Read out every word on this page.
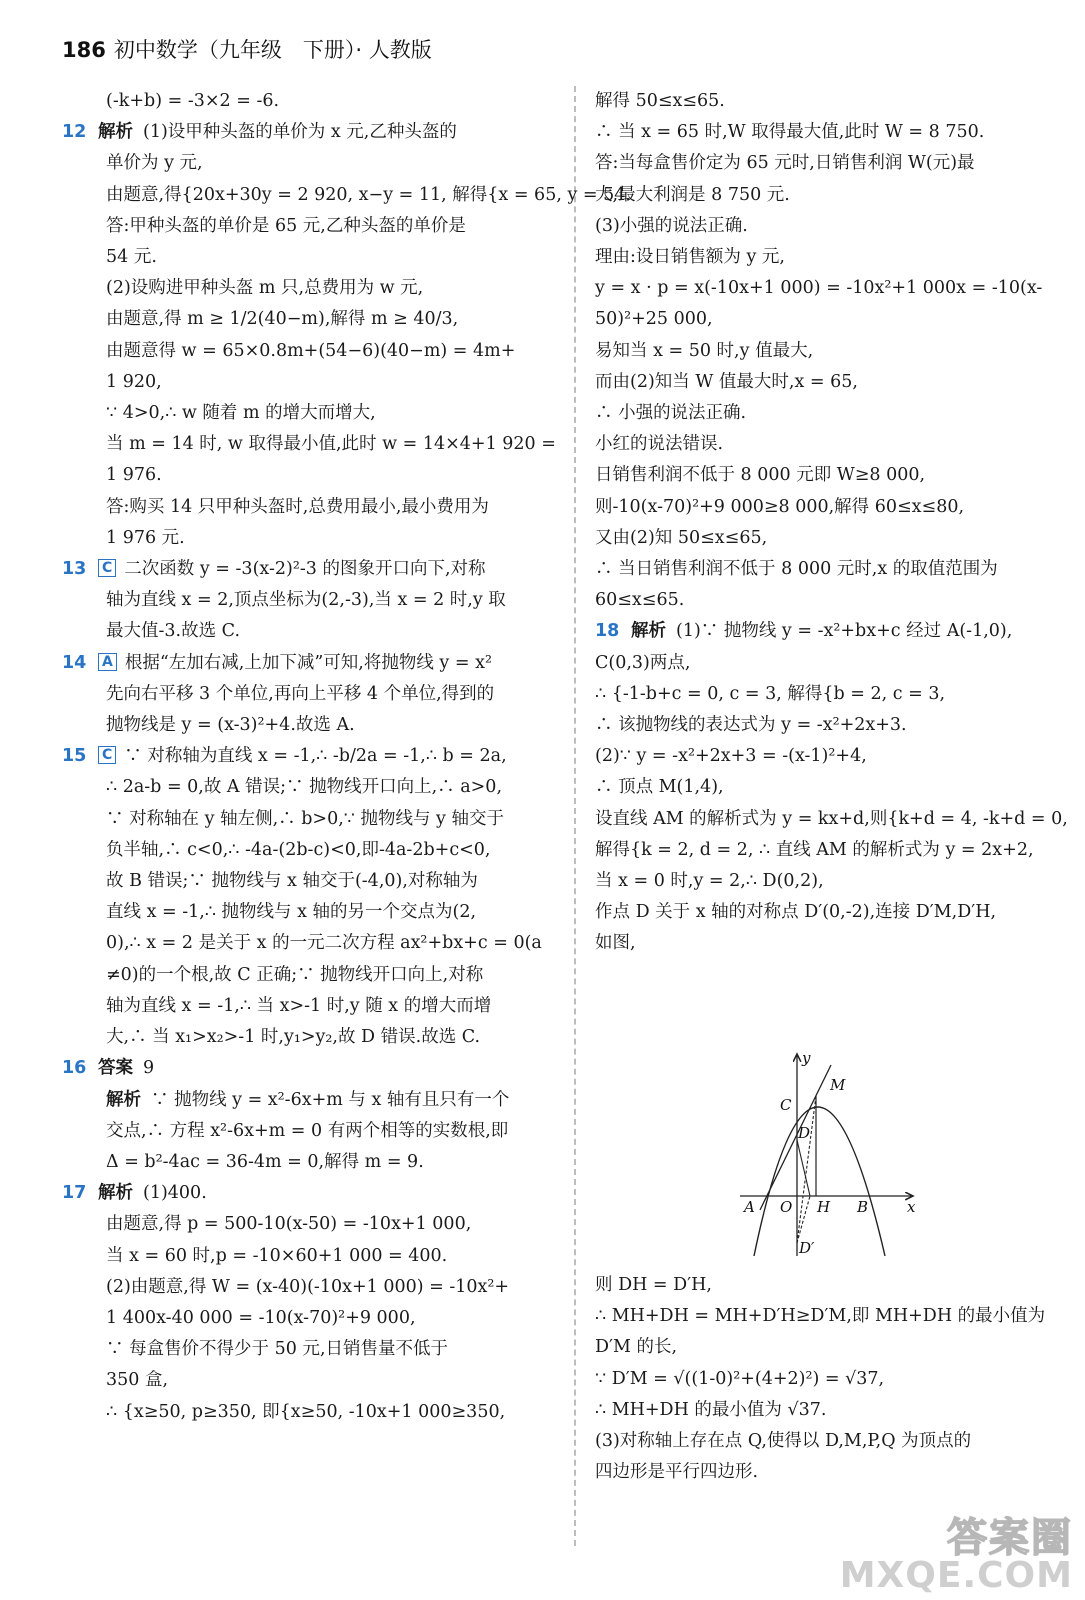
186 初中数学（九年级　下册）· 人教版
(-k+b) = -3×2 = -6.
12 解析 (1)设甲种头盔的单价为 x 元,乙种头盔的
单价为 y 元,
由题意,得{20x+30y = 2 920, x−y = 11, 解得{x = 65, y = 54.
答:甲种头盔的单价是 65 元,乙种头盔的单价是
54 元.
(2)设购进甲种头盔 m 只,总费用为 w 元,
由题意,得 m ≥ 1/2(40−m),解得 m ≥ 40/3,
由题意得 w = 65×0.8m+(54−6)(40−m) = 4m+
1 920,
∵ 4>0,∴ w 随着 m 的增大而增大,
当 m = 14 时, w 取得最小值,此时 w = 14×4+1 920 =
1 976.
答:购买 14 只甲种头盔时,总费用最小,最小费用为
1 976 元.
13 C 二次函数 y = -3(x-2)²-3 的图象开口向下,对称
轴为直线 x = 2,顶点坐标为(2,-3),当 x = 2 时,y 取
最大值-3.故选 C.
14 A 根据“左加右减,上加下减”可知,将抛物线 y = x²
先向右平移 3 个单位,再向上平移 4 个单位,得到的
抛物线是 y = (x-3)²+4.故选 A.
15 C ∵ 对称轴为直线 x = -1,∴ -b/2a = -1,∴ b = 2a,
∴ 2a-b = 0,故 A 错误;∵ 抛物线开口向上,∴ a>0,
∵ 对称轴在 y 轴左侧,∴ b>0,∵ 抛物线与 y 轴交于
负半轴,∴ c<0,∴ -4a-(2b-c)<0,即-4a-2b+c<0,
故 B 错误;∵ 抛物线与 x 轴交于(-4,0),对称轴为
直线 x = -1,∴ 抛物线与 x 轴的另一个交点为(2,
0),∴ x = 2 是关于 x 的一元二次方程 ax²+bx+c = 0(a
≠0)的一个根,故 C 正确;∵ 抛物线开口向上,对称
轴为直线 x = -1,∴ 当 x>-1 时,y 随 x 的增大而增
大,∴ 当 x₁>x₂>-1 时,y₁>y₂,故 D 错误.故选 C.
16 答案 9
解析 ∵ 抛物线 y = x²-6x+m 与 x 轴有且只有一个
交点,∴ 方程 x²-6x+m = 0 有两个相等的实数根,即
Δ = b²-4ac = 36-4m = 0,解得 m = 9.
17 解析 (1)400.
由题意,得 p = 500-10(x-50) = -10x+1 000,
当 x = 60 时,p = -10×60+1 000 = 400.
(2)由题意,得 W = (x-40)(-10x+1 000) = -10x²+
1 400x-40 000 = -10(x-70)²+9 000,
∵ 每盒售价不得少于 50 元,日销售量不低于
350 盒,
∴ {x≥50, p≥350, 即{x≥50, -10x+1 000≥350,
解得 50≤x≤65.
∴ 当 x = 65 时,W 取得最大值,此时 W = 8 750.
答:当每盒售价定为 65 元时,日销售利润 W(元)最
大,最大利润是 8 750 元.
(3)小强的说法正确.
理由:设日销售额为 y 元,
y = x · p = x(-10x+1 000) = -10x²+1 000x = -10(x-
50)²+25 000,
易知当 x = 50 时,y 值最大,
而由(2)知当 W 值最大时,x = 65,
∴ 小强的说法正确.
小红的说法错误.
日销售利润不低于 8 000 元即 W≥8 000,
则-10(x-70)²+9 000≥8 000,解得 60≤x≤80,
又由(2)知 50≤x≤65,
∴ 当日销售利润不低于 8 000 元时,x 的取值范围为
60≤x≤65.
18 解析 (1)∵ 抛物线 y = -x²+bx+c 经过 A(-1,0),
C(0,3)两点,
∴ {-1-b+c = 0, c = 3, 解得{b = 2, c = 3,
∴ 该抛物线的表达式为 y = -x²+2x+3.
(2)∵ y = -x²+2x+3 = -(x-1)²+4,
∴ 顶点 M(1,4),
设直线 AM 的解析式为 y = kx+d,则{k+d = 4, -k+d = 0,
解得{k = 2, d = 2, ∴ 直线 AM 的解析式为 y = 2x+2,
当 x = 0 时,y = 2,∴ D(0,2),
作点 D 关于 x 轴的对称点 D′(0,-2),连接 D′M,D′H,
如图,
y
x
M
C
D
A O H B
D′
则 DH = D′H,
∴ MH+DH = MH+D′H≥D′M,即 MH+DH 的最小值为
D′M 的长,
∵ D′M = √((1-0)²+(4+2)²) = √37,
∴ MH+DH 的最小值为 √37.
(3)对称轴上存在点 Q,使得以 D,M,P,Q 为顶点的
四边形是平行四边形.
答案圈
MXQE.COM
